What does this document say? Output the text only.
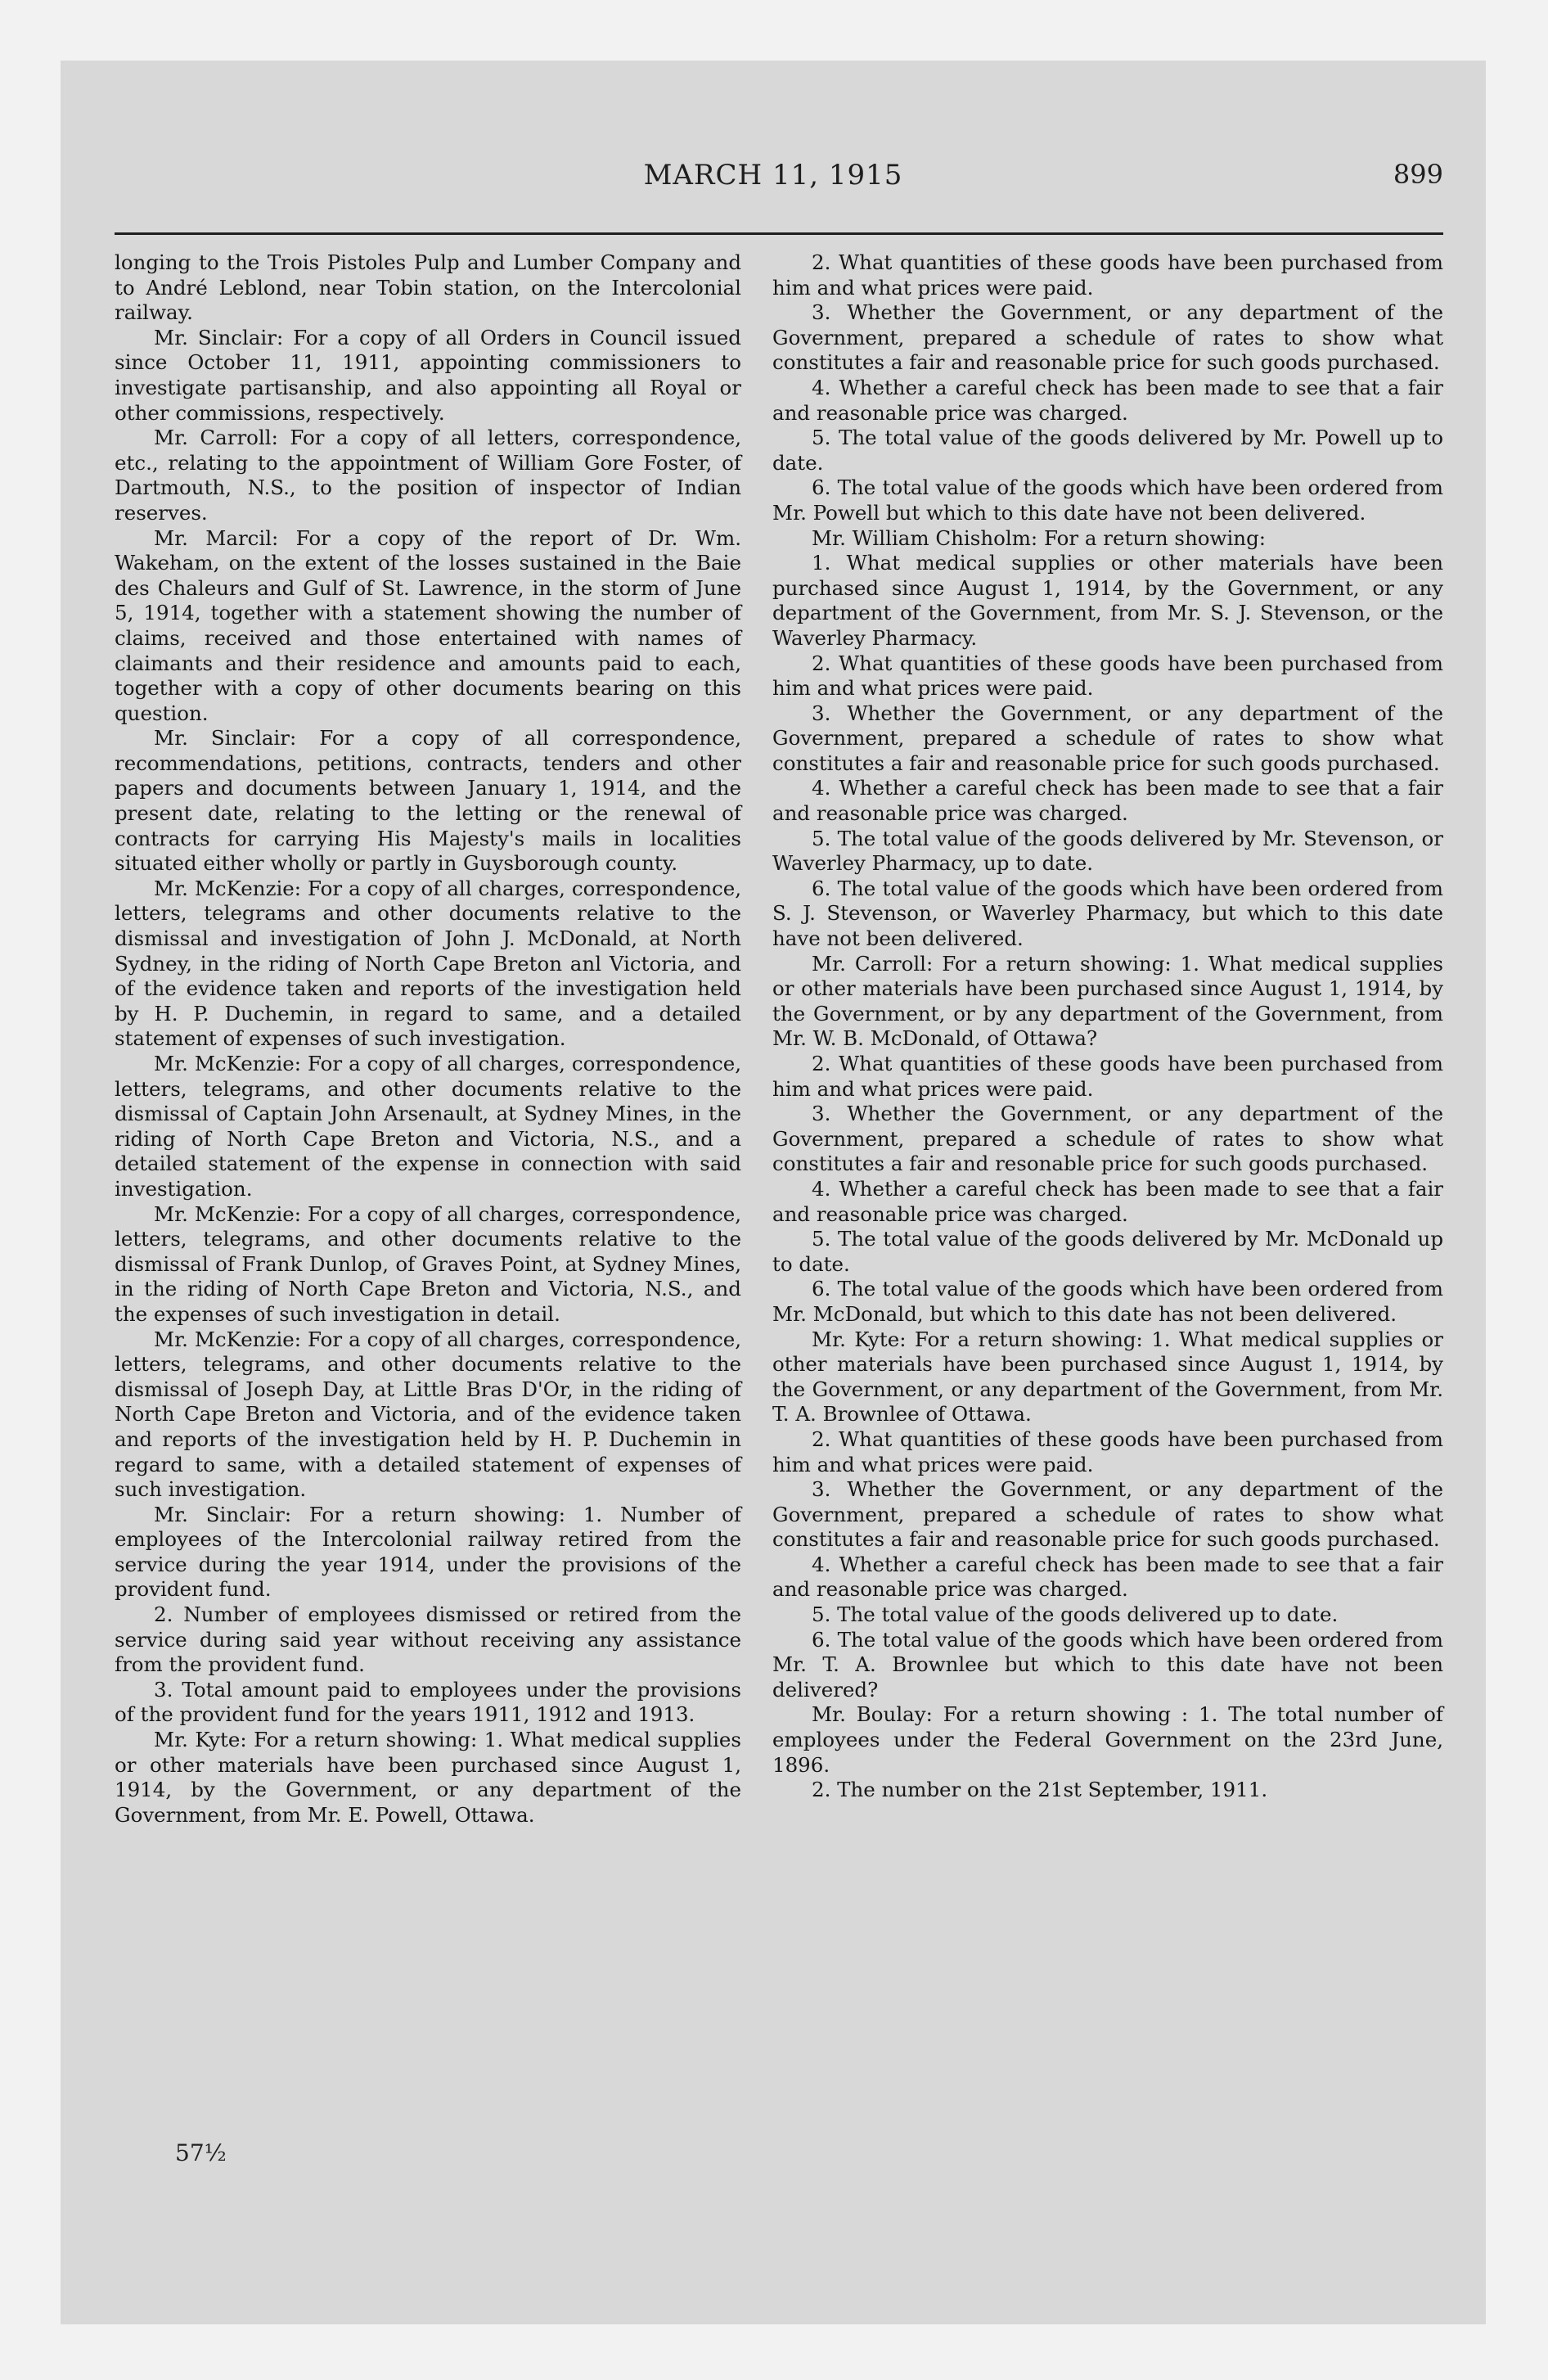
MARCH 11, 1915	899

longing to the Trois Pistoles Pulp and Lumber Company and to André Leblond, near Tobin station, on the Intercolonial railway.

Mr. Sinclair: For a copy of all Orders in Council issued since October 11, 1911, appointing commissioners to investigate partisanship, and also appointing all Royal or other commissions, respectively.

Mr. Carroll: For a copy of all letters, correspondence, etc., relating to the appointment of William Gore Foster, of Dartmouth, N.S., to the position of inspector of Indian reserves.

Mr. Marcil: For a copy of the report of Dr. Wm. Wakeham, on the extent of the losses sustained in the Baie des Chaleurs and Gulf of St. Lawrence, in the storm of June 5, 1914, together with a statement showing the number of claims, received and those entertained with names of claimants and their residence and amounts paid to each, together with a copy of other documents bearing on this question.

Mr. Sinclair: For a copy of all correspondence, recommendations, petitions, contracts, tenders and other papers and documents between January 1, 1914, and the present date, relating to the letting or the renewal of contracts for carrying His Majesty's mails in localities situated either wholly or partly in Guysborough county.

Mr. McKenzie: For a copy of all charges, correspondence, letters, telegrams and other documents relative to the dismissal and investigation of John J. McDonald, at North Sydney, in the riding of North Cape Breton anl Victoria, and of the evidence taken and reports of the investigation held by H. P. Duchemin, in regard to same, and a detailed statement of expenses of such investigation.

Mr. McKenzie: For a copy of all charges, correspondence, letters, telegrams, and other documents relative to the dismissal of Captain John Arsenault, at Sydney Mines, in the riding of North Cape Breton and Victoria, N.S., and a detailed statement of the expense in connection with said investigation.

Mr. McKenzie: For a copy of all charges, correspondence, letters, telegrams, and other documents relative to the dismissal of Frank Dunlop, of Graves Point, at Sydney Mines, in the riding of North Cape Breton and Victoria, N.S., and the expenses of such investigation in detail.

Mr. McKenzie: For a copy of all charges, correspondence, letters, telegrams, and other documents relative to the dismissal of Joseph Day, at Little Bras D'Or, in the riding of North Cape Breton and Victoria, and of the evidence taken and reports of the investigation held by H. P. Duchemin in regard to same, with a detailed statement of expenses of such investigation.

Mr. Sinclair: For a return showing: 1. Number of employees of the Intercolonial railway retired from the service during the year 1914, under the provisions of the provident fund.

2. Number of employees dismissed or retired from the service during said year without receiving any assistance from the provident fund.

3. Total amount paid to employees under the provisions of the provident fund for the years 1911, 1912 and 1913.

Mr. Kyte: For a return showing: 1. What medical supplies or other materials have been purchased since August 1, 1914, by the Government, or any department of the Government, from Mr. E. Powell, Ottawa.

2. What quantities of these goods have been purchased from him and what prices were paid.

3. Whether the Government, or any department of the Government, prepared a schedule of rates to show what constitutes a fair and reasonable price for such goods purchased.

4. Whether a careful check has been made to see that a fair and reasonable price was charged.

5. The total value of the goods delivered by Mr. Powell up to date.

6. The total value of the goods which have been ordered from Mr. Powell but which to this date have not been delivered.

Mr. William Chisholm: For a return showing:

1. What medical supplies or other materials have been purchased since August 1, 1914, by the Government, or any department of the Government, from Mr. S. J. Stevenson, or the Waverley Pharmacy.

2. What quantities of these goods have been purchased from him and what prices were paid.

3. Whether the Government, or any department of the Government, prepared a schedule of rates to show what constitutes a fair and reasonable price for such goods purchased.

4. Whether a careful check has been made to see that a fair and reasonable price was charged.

5. The total value of the goods delivered by Mr. Stevenson, or Waverley Pharmacy, up to date.

6. The total value of the goods which have been ordered from S. J. Stevenson, or Waverley Pharmacy, but which to this date have not been delivered.

Mr. Carroll: For a return showing: 1. What medical supplies or other materials have been purchased since August 1, 1914, by the Government, or by any department of the Government, from Mr. W. B. McDonald, of Ottawa?

2. What quantities of these goods have been purchased from him and what prices were paid.

3. Whether the Government, or any department of the Government, prepared a schedule of rates to show what constitutes a fair and resonable price for such goods purchased.

4. Whether a careful check has been made to see that a fair and reasonable price was charged.

5. The total value of the goods delivered by Mr. McDonald up to date.

6. The total value of the goods which have been ordered from Mr. McDonald, but which to this date has not been delivered.

Mr. Kyte: For a return showing: 1. What medical supplies or other materials have been purchased since August 1, 1914, by the Government, or any department of the Government, from Mr. T. A. Brownlee of Ottawa.

2. What quantities of these goods have been purchased from him and what prices were paid.

3. Whether the Government, or any department of the Government, prepared a schedule of rates to show what constitutes a fair and reasonable price for such goods purchased.

4. Whether a careful check has been made to see that a fair and reasonable price was charged.

5. The total value of the goods delivered up to date.

6. The total value of the goods which have been ordered from Mr. T. A. Brownlee but which to this date have not been delivered?

Mr. Boulay: For a return showing : 1. The total number of employees under the Federal Government on the 23rd June, 1896.

2. The number on the 21st September, 1911.

57½
